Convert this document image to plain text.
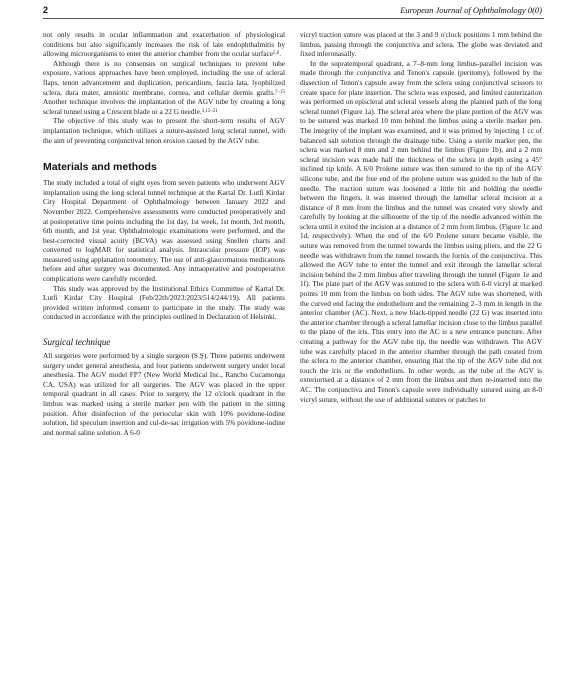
2	European Journal of Ophthalmology 0(0)

not only results in ocular inflammation and exacerbation of physiological conditions but also significantly increases the risk of late endophthalmitis by allowing microorganisms to enter the anterior chamber from the ocular surface$^{5,6}$.

Although there is no consensus on surgical techniques to prevent tube exposure, various approaches have been employed, including the use of scleral flaps, tenon advancement and duplication, pericardium, fascia lata, lyophilized sclera, dura mater, amniotic membrane, cornea, and cellular dermis grafts.$^{7-15}$ Another technique involves the implantation of the AGV tube by creating a long scleral tunnel using a Crescent blade or a 22 G needle.$^{3,15-21}$

The objective of this study was to present the short-term results of AGV implantation technique, which utilizes a suture-assisted long scleral tunnel, with the aim of preventing conjunctival tenon erosion caused by the AGV tube.

Materials and methods

The study included a total of eight eyes from seven patients who underwent AGV implantation using the long scleral tunnel technique at the Kartal Dr. Lutfi Kirdar City Hospital Department of Ophthalmology between January 2022 and November 2022. Comprehensive assessments were conducted preoperatively and at postoperative time points including the 1st day, 1st week, 1st month, 3rd month, 6th month, and 1st year. Ophthalmologic examinations were performed, and the best-corrected visual acuity (BCVA) was assessed using Snellen charts and converted to logMAR for statistical analysis. Intraocular pressure (IOP) was measured using applanation tonometry. The use of anti-glaucomatous medications before and after surgery was documented. Any intraoperative and postoperative complications were carefully recorded.

This study was approved by the Institutional Ethics Committee of Kartal Dr. Lutfi Kirdar City Hospital (Feb/22th/2023:2023/514/244/19). All patients provided written informed consent to participate in the study. The study was conducted in accordance with the principles outlined in Declaration of Helsinki.

Surgical technique

All surgeries were performed by a single surgeon (S.Ş). Three patients underwent surgery under general anesthesia, and four patients underwent surgery under local anesthesia. The AGV model FP7 (New World Medical Inc., Rancho Cucamonga CA, USA) was utilized for all surgeries. The AGV was placed in the upper temporal quadrant in all cases. Prior to surgery, the 12 o'clock quadrant in the limbus was marked using a sterile marker pen with the patient in the sitting position. After disinfection of the periocular skin with 10% povidone-iodine solution, lid speculum insertion and cul-de-sac irrigation with 5% povidone-iodine and normal saline solution. A 6-0

vicryl traction suture was placed at the 3 and 9 o'clock positions 1 mm behind the limbus, passing through the conjunctiva and sclera. The globe was deviated and fixed inferonasally.

In the supratemporal quadrant, a 7–8-mm long limbus-parallel incision was made through the conjunctiva and Tenon's capsule (peritomy), followed by the dissection of Tenon's capsule away from the sclera using conjunctival scissors to create space for plate insertion. The sclera was exposed, and limited cauterization was performed on episcleral and scleral vessels along the planned path of the long scleral tunnel (Figure 1a). The scleral area where the plate portion of the AGV was to be sutured was marked 10 mm behind the limbus using a sterile marker pen. The integrity of the implant was examined, and it was primed by injecting 1 cc of balanced salt solution through the drainage tube. Using a sterile marker pen, the sclera was marked 8 mm and 2 mm behind the limbus (Figure 1b), and a 2 mm scleral incision was made half the thickness of the sclera in depth using a 45° inclined tip knife. A 6/0 Prolene suture was then sutured to the tip of the AGV silicone tube, and the free end of the prolene suture was guided to the hub of the needle. The traction suture was loosened a little bit and holding the needle between the fingers, it was inserted through the lamellar scleral incision at a distance of 8 mm from the limbus and the tunnel was created very slowly and carefully by looking at the silhouette of the tip of the needle advanced within the sclera until it exited the incision at a distance of 2 mm from limbus. (Figure 1c and 1d, respectively). When the end of the 6/0 Prolene suture became visible, the suture was removed from the tunnel towards the limbus using pliers, and the 22 G needle was withdrawn from the tunnel towards the fornix of the conjunctiva. This allowed the AGV tube to enter the tunnel and exit through the lamellar scleral incision behind the 2 mm limbus after traveling through the tunnel (Figure 1e and 1f). The plate part of the AGV was sutured to the sclera with 6-0 vicryl at marked points 10 mm from the limbus on both sides. The AGV tube was shortened, with the curved end facing the endothelium and the remaining 2–3 mm in length in the anterior chamber (AC). Next, a new black-tipped needle (22 G) was inserted into the anterior chamber through a scleral lamellar incision close to the limbus parallel to the plane of the iris. This entry into the AC is a new entrance puncture. After creating a pathway for the AGV tube tip, the needle was withdrawn. The AGV tube was carefully placed in the anterior chamber through the path created from the sclera to the anterior chamber, ensuring that the tip of the AGV tube did not touch the iris or the endothelium. In other words, as the tube of the AGV is exteriorised at a distance of 2 mm from the limbus and then re-inserted into the AC. The conjunctiva and Tenon's capsule were individually sutured using an 8-0 vicryl suture, without the use of additional sutures or patches to
